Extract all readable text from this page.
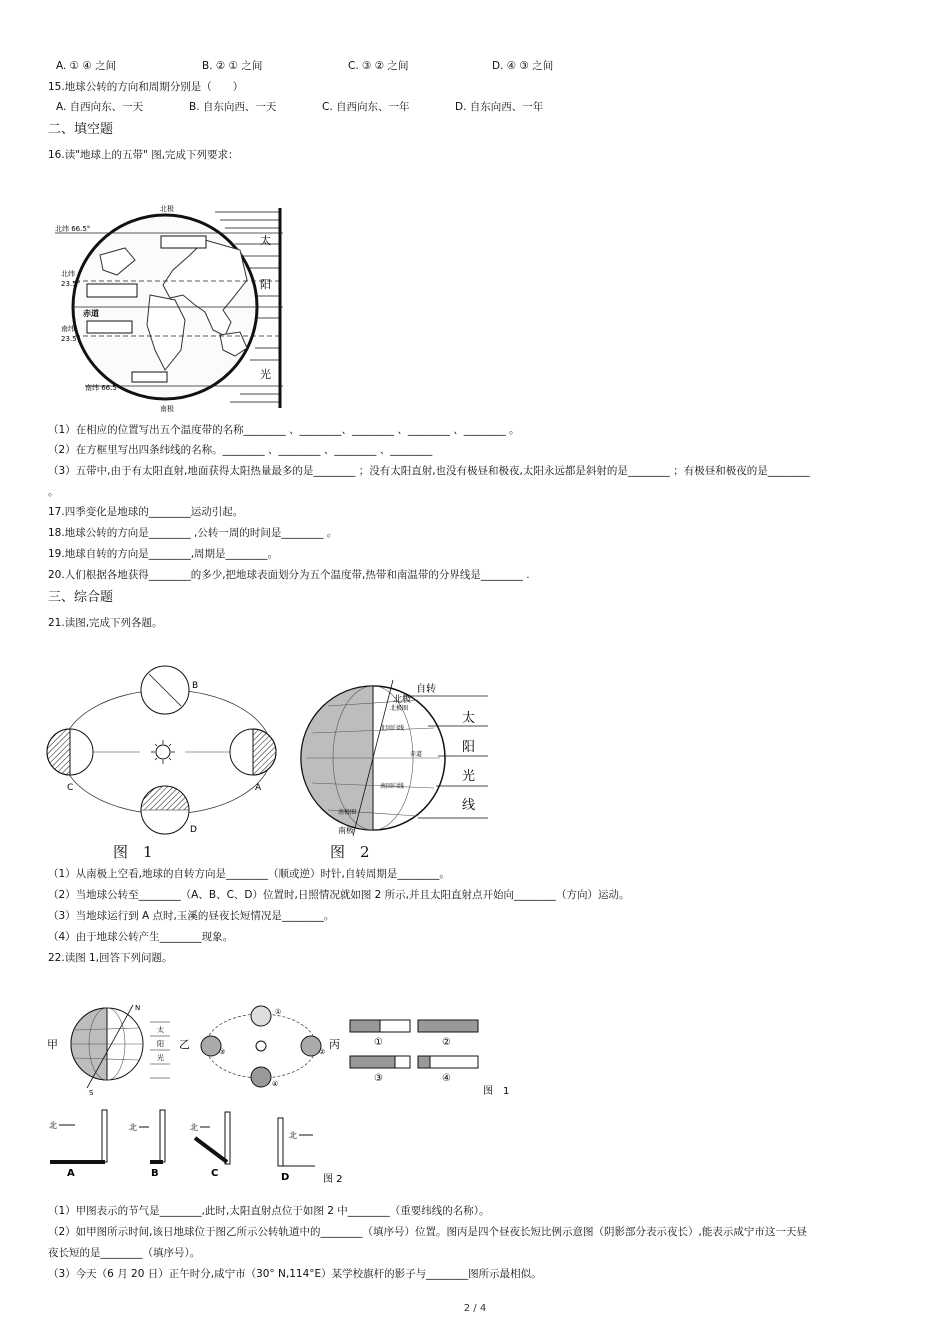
A. ① ④ 之间	B. ② ① 之间	C. ③ ② 之间	D. ④ ③ 之间
15.地球公转的方向和周期分别是（　　）
A. 自西向东、一天	B. 自东向西、一天	C. 自西向东、一年	D. 自东向西、一年
二、填空题
16.读"地球上的五带" 图,完成下列要求：
北极
南极
北纬 66.5°
北纬
23.5°
赤道
南纬
23.5°
南纬 66.5°
太
阳
光
（1）在相应的位置写出五个温度带的名称________ 、________、________ 、________ 、________ 。
（2）在方框里写出四条纬线的名称。________ 、________ 、________ 、________
（3）五带中,由于有太阳直射,地面获得太阳热量最多的是________ ；没有太阳直射,也没有极昼和极夜,太阳永远都是斜射的是________ ；有极昼和极夜的是________
。
17.四季变化是地球的________运动引起。
18.地球公转的方向是________ ,公转一周的时间是________ 。
19.地球自转的方向是________,周期是________。
20.人们根据各地获得________的多少,把地球表面划分为五个温度带,热带和南温带的分界线是________ .
三、综合题
21.读图,完成下列各题。
B
A
C
D
自转
北极
南极
北极圈
北回归线
赤道
南回归线
南极圈
太
阳
光
线
图　1	图　2
（1）从南极上空看,地球的自转方向是________（顺或逆）时针,自转周期是________。
（2）当地球公转至________（A、B、C、D）位置时,日照情况就如图 2 所示,并且太阳直射点开始向________（方向）运动。
（3）当地球运行到 A 点时,玉溪的昼夜长短情况是________。
（4）由于地球公转产生________现象。
22.读图 1,回答下列问题。
甲
N
S
太
阳
光
乙
①
②
④
③
丙	①	②
③	④
图　1
北	北	北
北
A	B	C	D	图 2
（1）甲图表示的节气是________,此时,太阳直射点位于如图 2 中________（重要纬线的名称）。
（2）如甲图所示时间,该日地球位于图乙所示公转轨道中的________（填序号）位置。图丙是四个昼夜长短比例示意图（阴影部分表示夜长）,能表示咸宁市这一天昼
夜长短的是________（填序号）。
（3）今天（6 月 20 日）正午时分,咸宁市（30° N,114°E）某学校旗杆的影子与________图所示最相似。
2 / 4
